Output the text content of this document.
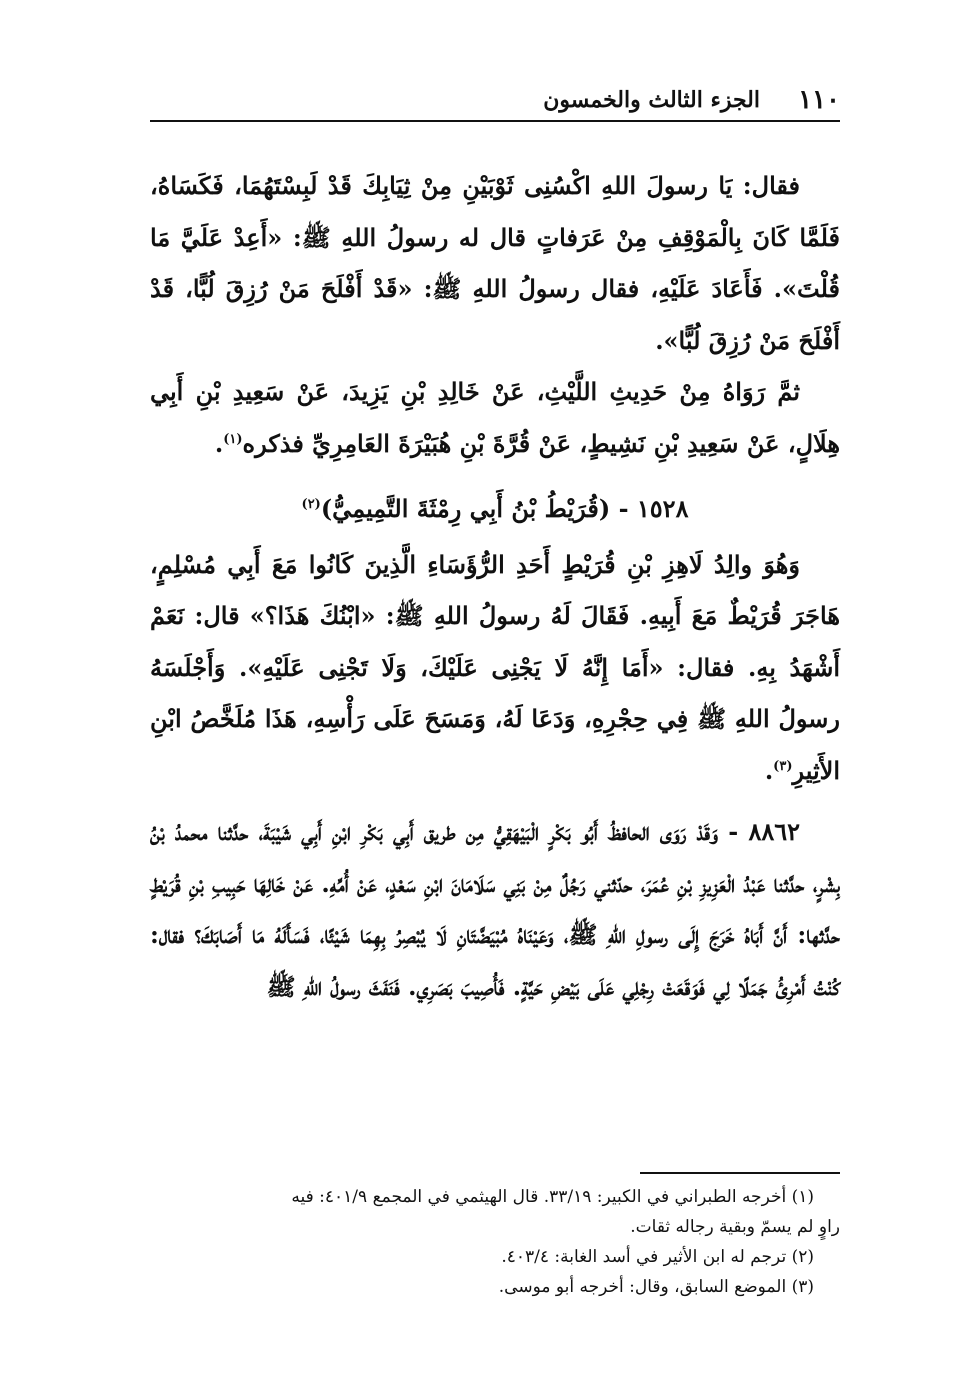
١١٠
الجزء الثالث والخمسون

فقال: يَا رسولَ اللهِ اكْسُنِى ثَوْبَيْنِ مِنْ ثِيَابِكَ قَدْ لَبِسْتَهُمَا، فَكَسَاهُ، فَلَمَّا كَانَ بِالْمَوْقِفِ مِنْ عَرَفاتٍ قال له رسولُ اللهِ ﷺ: «أَعِدْ عَلَيَّ مَا قُلْتَ». فَأَعَادَ عَلَيْهِ، فقال رسولُ اللهِ ﷺ: «قَدْ أَفْلَحَ مَنْ رُزِقَ لُبًّا، قَدْ أَفْلَحَ مَنْ رُزِقَ لُبًّا».

ثمَّ رَوَاهُ مِنْ حَدِيثِ اللَّيْثِ، عَنْ خَالِدِ بْنِ يَزِيدَ، عَنْ سَعِيدِ بْنِ أَبِي هِلَالٍ، عَنْ سَعِيدِ بْنِ نَشِيطٍ، عَنْ قُرَّةَ بْنِ هُبَيْرَةَ العَامِرِيِّ فذكره$^{(١)}$.

١٥٢٨ - (قُرَيْطُ بْنُ أَبِي رِمْثَةَ التَّمِيمِيُّ)$^{(٢)}$

وَهُوَ والِدُ لَاهِزِ بْنِ قُرَيْطٍ أَحَدِ الرُّؤَسَاءِ الَّذِينَ كَانُوا مَعَ أَبِي مُسْلِمٍ، هَاجَرَ قُرَيْطٌ مَعَ أَبِيهِ. فَقَالَ لَهُ رسولُ اللهِ ﷺ: «ابْنُكَ هَذَا؟» قال: نَعَمْ أَشْهَدُ بِهِ. فقال: «أَمَا إِنَّهُ لَا يَجْنِى عَلَيْكَ، وَلَا تَجْنِى عَلَيْهِ». وَأَجْلَسَهُ رسولُ اللهِ ﷺ فِي حِجْرِهِ، وَدَعَا لَهُ، وَمَسَحَ عَلَى رَأْسِهِ، هَذَا مُلَخَّصُ ابْنِ الأَثِيرِ$^{(٣)}$.

٨٨٦٢ - وَقَدْ رَوَى الحافظُ أَبُو بَكْرٍ الْبَيْهَقِيُّ مِن طريق أَبِي بَكْرِ ابْنِ أَبِي شَيْبَةَ، حدَّثنا محمدُ بْنُ بِشْرٍ، حدَّثنا عَبْدُ الْعَزِيزِ بْنِ عُمَرَ، حدّثني رَجُلٌ مِنْ بَنِي سَلَامَانَ ابْنِ سَعْدٍ، عَنْ أُمِّهِ. عَنْ خَالِهَا حَبِيبِ بْنِ قُرَيْطٍ حدَّثها: أَنَّ أَبَاهُ خَرَجَ إِلَى رسولِ اللهِ ﷺ، وَعَيْنَاهُ مُبْيَضَّتَانِ لَا يُبْصِرُ بِهِمَا شَيْئًا، فَسَأَلَهُ مَا أَصَابَكَ؟ فقال: كُنْتُ أَمْرِئُ جَمَلًا لِي فَوَقَعَتْ رِجْلِي عَلَى بَيْضِ حَيَّةٍ. فَأُصِيبَ بَصَرِي. فَنَفَثَ رسولُ اللهِ ﷺ

(١) أخرجه الطبراني في الكبير: ٣٣/١٩. قال الهيثمي في المجمع ٤٠١/٩: فيه

راوٍ لم يسمّ وبقية رجاله ثقات.

(٢) ترجم له ابن الأثير في أسد الغابة: ٤٠٣/٤.

(٣) الموضع السابق، وقال: أخرجه أبو موسى.
